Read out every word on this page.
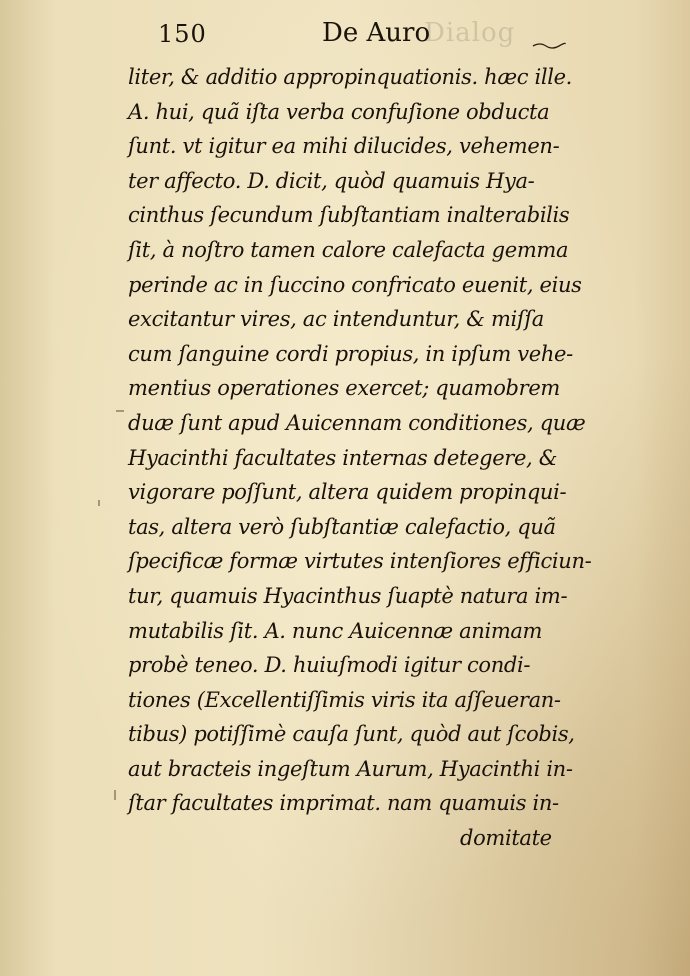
150	De Auro
Dialog
liter, & additio appropinquationis. hæc ille.
A. hui, quã iſta verba confuſione obducta
ſunt. vt igitur ea mihi dilucides, vehemen-
ter affecto. D. dicit, quòd quamuis Hya-
cinthus ſecundum ſubſtantiam inalterabilis
ſit, à noſtro tamen calore calefacta gemma
perinde ac in ſuccino confricato euenit, eius
excitantur vires, ac intenduntur, & miſſa
cum ſanguine cordi propius, in ipſum vehe-
mentius operationes exercet; quamobrem
duæ ſunt apud Auicennam conditiones, quæ
Hyacinthi facultates internas detegere, &
vigorare poſſunt, altera quidem propinqui-
tas, altera verò ſubſtantiæ calefactio, quã
ſpecificæ formæ virtutes intenſiores efficiun-
tur, quamuis Hyacinthus ſuaptè natura im-
mutabilis ſit. A. nunc Auicennæ animam
probè teneo. D. huiuſmodi igitur condi-
tiones (Excellentiſſimis viris ita aſſeueran-
tibus) potiſſimè cauſa ſunt, quòd aut ſcobis,
aut bracteis ingeſtum Aurum, Hyacinthi in-
ſtar facultates imprimat. nam quamuis in-
domitate
